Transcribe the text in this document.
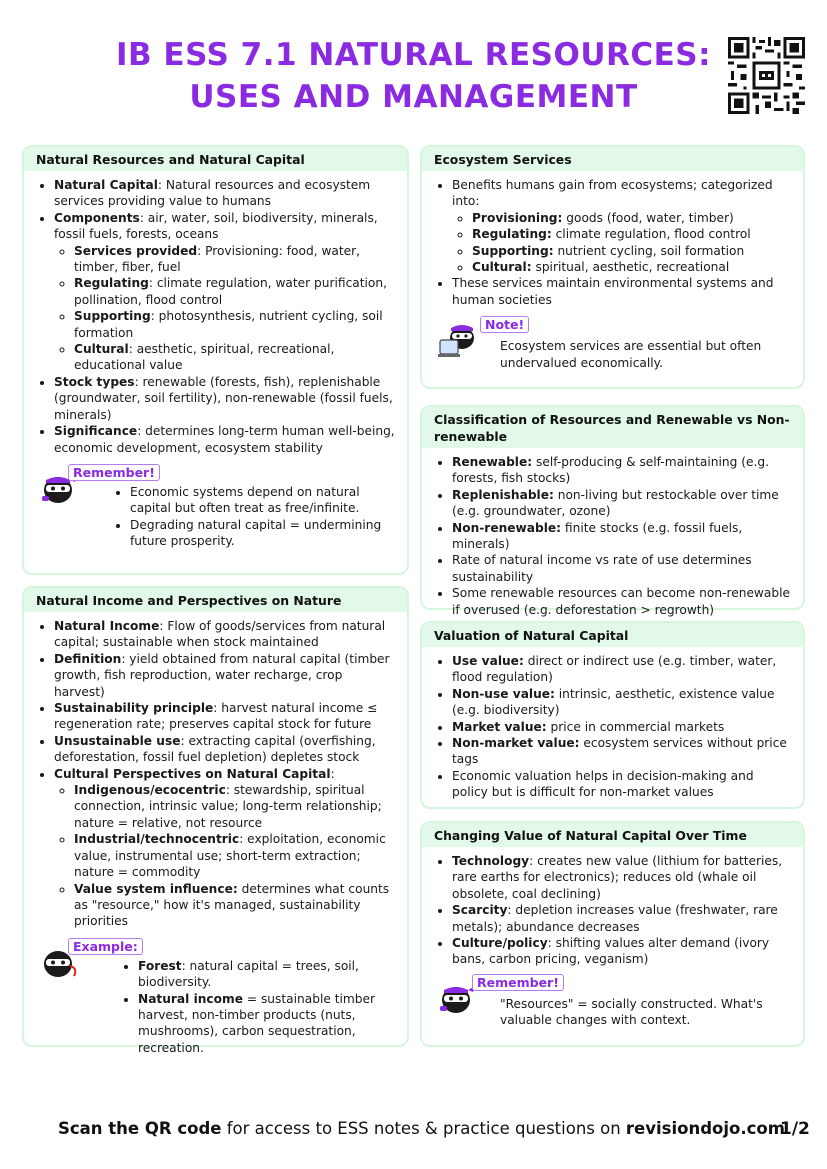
IB ESS 7.1 NATURAL RESOURCES:
USES AND MANAGEMENT
Natural Resources and Natural Capital
• Natural Capital: Natural resources and ecosystem services providing value to humans
• Components: air, water, soil, biodiversity, minerals, fossil fuels, forests, oceans
◦ Services provided: Provisioning: food, water, timber, fiber, fuel
◦ Regulating: climate regulation, water purification, pollination, flood control
◦ Supporting: photosynthesis, nutrient cycling, soil formation
◦ Cultural: aesthetic, spiritual, recreational, educational value
• Stock types: renewable (forests, fish), replenishable (groundwater, soil fertility), non-renewable (fossil fuels, minerals)
• Significance: determines long-term human well-being, economic development, ecosystem stability
Remember!
• Economic systems depend on natural capital but often treat as free/infinite.
• Degrading natural capital = undermining future prosperity.
Natural Income and Perspectives on Nature
• Natural Income: Flow of goods/services from natural capital; sustainable when stock maintained
• Definition: yield obtained from natural capital (timber growth, fish reproduction, water recharge, crop harvest)
• Sustainability principle: harvest natural income ≤ regeneration rate; preserves capital stock for future
• Unsustainable use: extracting capital (overfishing, deforestation, fossil fuel depletion) depletes stock
• Cultural Perspectives on Natural Capital:
◦ Indigenous/ecocentric: stewardship, spiritual connection, intrinsic value; long-term relationship; nature = relative, not resource
◦ Industrial/technocentric: exploitation, economic value, instrumental use; short-term extraction; nature = commodity
◦ Value system influence: determines what counts as "resource," how it's managed, sustainability priorities
Example:
• Forest: natural capital = trees, soil, biodiversity.
• Natural income = sustainable timber harvest, non-timber products (nuts, mushrooms), carbon sequestration, recreation.
Ecosystem Services
• Benefits humans gain from ecosystems; categorized into:
◦ Provisioning: goods (food, water, timber)
◦ Regulating: climate regulation, flood control
◦ Supporting: nutrient cycling, soil formation
◦ Cultural: spiritual, aesthetic, recreational
• These services maintain environmental systems and human societies
Note!
Ecosystem services are essential but often undervalued economically.
Classification of Resources and Renewable vs Non-renewable
• Renewable: self-producing & self-maintaining (e.g. forests, fish stocks)
• Replenishable: non-living but restockable over time (e.g. groundwater, ozone)
• Non-renewable: finite stocks (e.g. fossil fuels, minerals)
• Rate of natural income vs rate of use determines sustainability
• Some renewable resources can become non-renewable if overused (e.g. deforestation > regrowth)
Valuation of Natural Capital
• Use value: direct or indirect use (e.g. timber, water, flood regulation)
• Non-use value: intrinsic, aesthetic, existence value (e.g. biodiversity)
• Market value: price in commercial markets
• Non-market value: ecosystem services without price tags
• Economic valuation helps in decision-making and policy but is difficult for non-market values
Changing Value of Natural Capital Over Time
• Technology: creates new value (lithium for batteries, rare earths for electronics); reduces old (whale oil obsolete, coal declining)
• Scarcity: depletion increases value (freshwater, rare metals); abundance decreases
• Culture/policy: shifting values alter demand (ivory bans, carbon pricing, veganism)
Remember!
"Resources" = socially constructed. What's valuable changes with context.
Scan the QR code for access to ESS notes & practice questions on revisiondojo.com
1/2
